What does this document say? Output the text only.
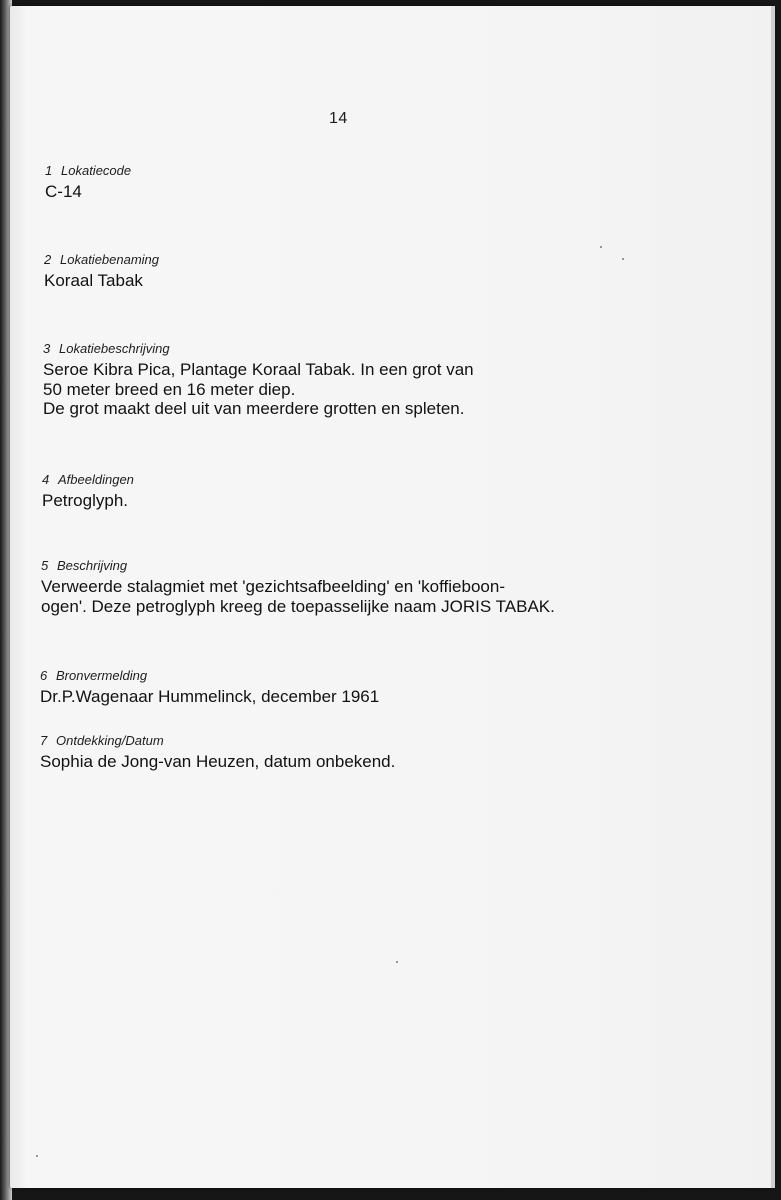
14
1 Lokatiecode

C-14

2 Lokatiebenaming

Koraal Tabak

3 Lokatiebeschrijving

Seroe Kibra Pica, Plantage Koraal Tabak. In een grot van

50 meter breed en 16 meter diep.

De grot maakt deel uit van meerdere grotten en spleten.

4 Afbeeldingen

Petroglyph.

5 Beschrijving

Verweerde stalagmiet met 'gezichtsafbeelding' en 'koffieboon-

ogen'. Deze petroglyph kreeg de toepasselijke naam JORIS TABAK.

6 Bronvermelding

Dr.P.Wagenaar Hummelinck, december 1961

7 Ontdekking/Datum

Sophia de Jong-van Heuzen, datum onbekend.
